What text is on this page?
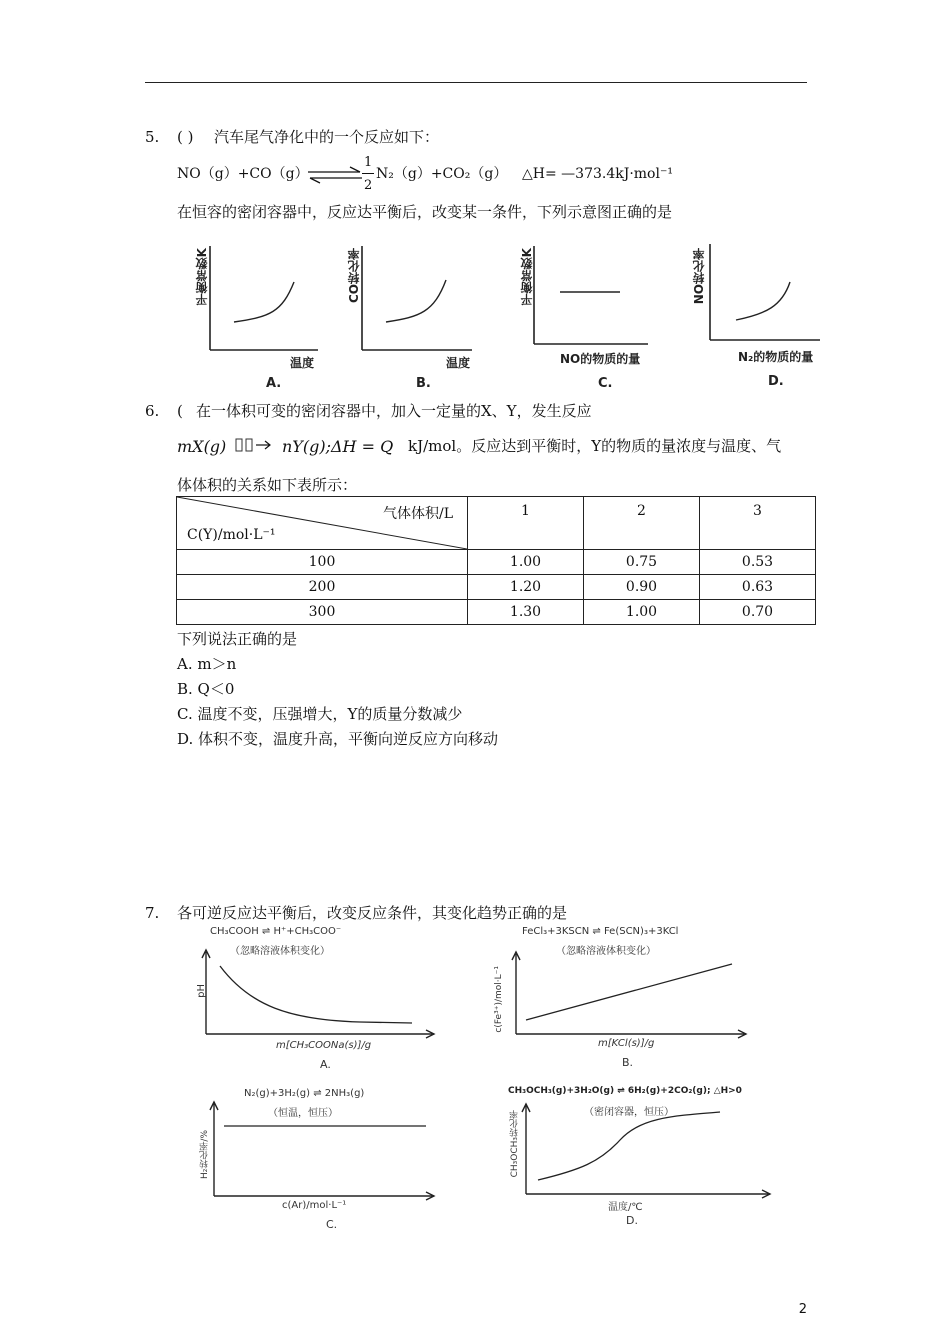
5. ( ) 汽车尾气净化中的一个反应如下：
NO（g）+CO（g）
1
2
N₂（g）+CO₂（g） △H= —373.4kJ·mol⁻¹
在恒容的密闭容器中，反应达平衡后，改变某一条件，下列示意图正确的是
平衡常数K
温度
A.
CO转化率
温度
B.
平衡常数K
NO的物质的量
C.
NO转化率
N₂的物质的量
D.
6. ( 在一体积可变的密闭容器中，加入一定量的X、Y，发生反应
mX(g)	nY(g);ΔH = Q kJ/mol。反应达到平衡时，Y的物质的量浓度与温度、气
体体积的关系如下表所示：
气体体积/L
C(Y)/mol·L⁻¹	1	2	3
100	1.00	0.75	0.53
200	1.20	0.90	0.63
300	1.30	1.00	0.70
下列说法正确的是
A. m＞n
B. Q＜0
C. 温度不变，压强增大，Y的质量分数减少
D. 体积不变，温度升高，平衡向逆反应方向移动
7. 各可逆反应达平衡后，改变反应条件，其变化趋势正确的是
CH₃COOH ⇌ H⁺+CH₃COO⁻
（忽略溶液体积变化）
pH
m[CH₃COONa(s)]/g
A.
FeCl₃+3KSCN ⇌ Fe(SCN)₃+3KCl
（忽略溶液体积变化）
c(Fe³⁺)/mol·L⁻¹
m[KCl(s)]/g
B.
N₂(g)+3H₂(g) ⇌ 2NH₃(g)
（恒温，恒压）
H₂转化率/%
c(Ar)/mol·L⁻¹
C.
CH₃OCH₃(g)+3H₂O(g) ⇌ 6H₂(g)+2CO₂(g); △H>0
（密闭容器，恒压）
CH₃OCH₃转化率
温度/℃
D.
2
